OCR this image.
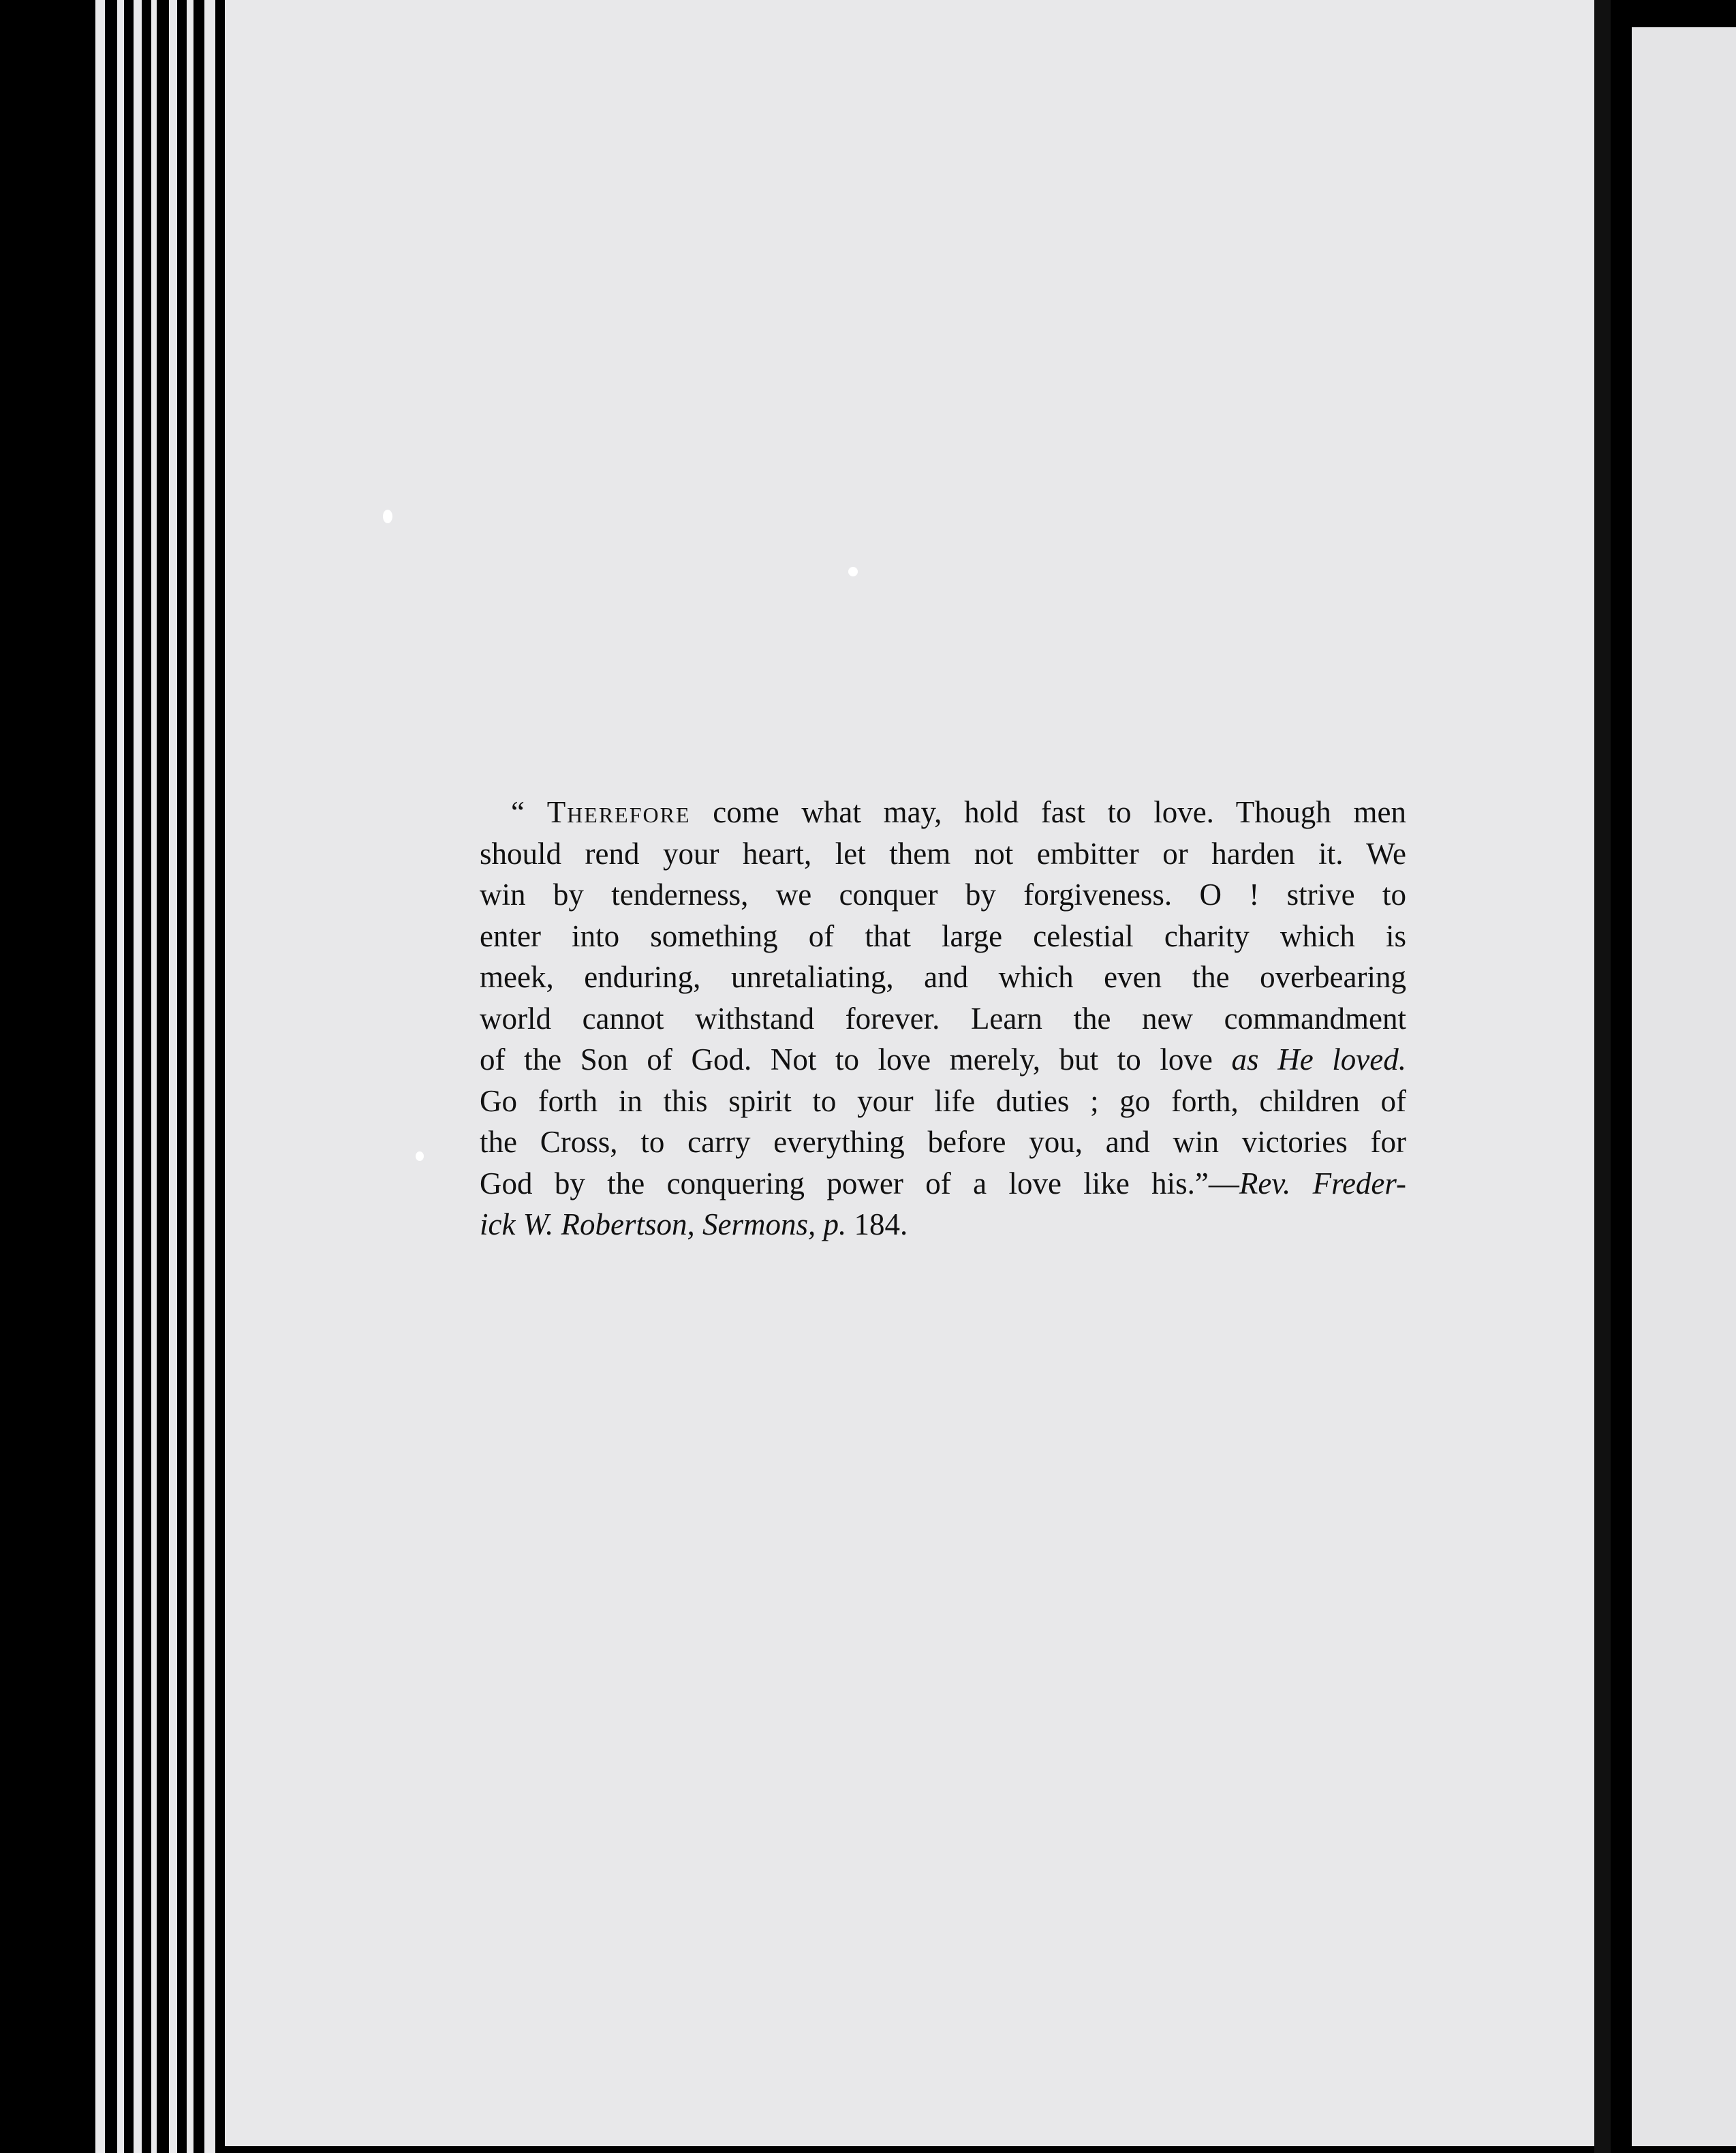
“ Therefore come what may, hold fast to love. Though men
should rend your heart, let them not embitter or harden it. We
win by tenderness, we conquer by forgiveness. O ! strive to
enter into something of that large celestial charity which is
meek, enduring, unretaliating, and which even the overbearing
world cannot withstand forever. Learn the new commandment
of the Son of God. Not to love merely, but to love as He loved.
Go forth in this spirit to your life duties ; go forth, children of
the Cross, to carry everything before you, and win victories for
God by the conquering power of a love like his.”—Rev. Freder-
ick W. Robertson, Sermons, p. 184.
